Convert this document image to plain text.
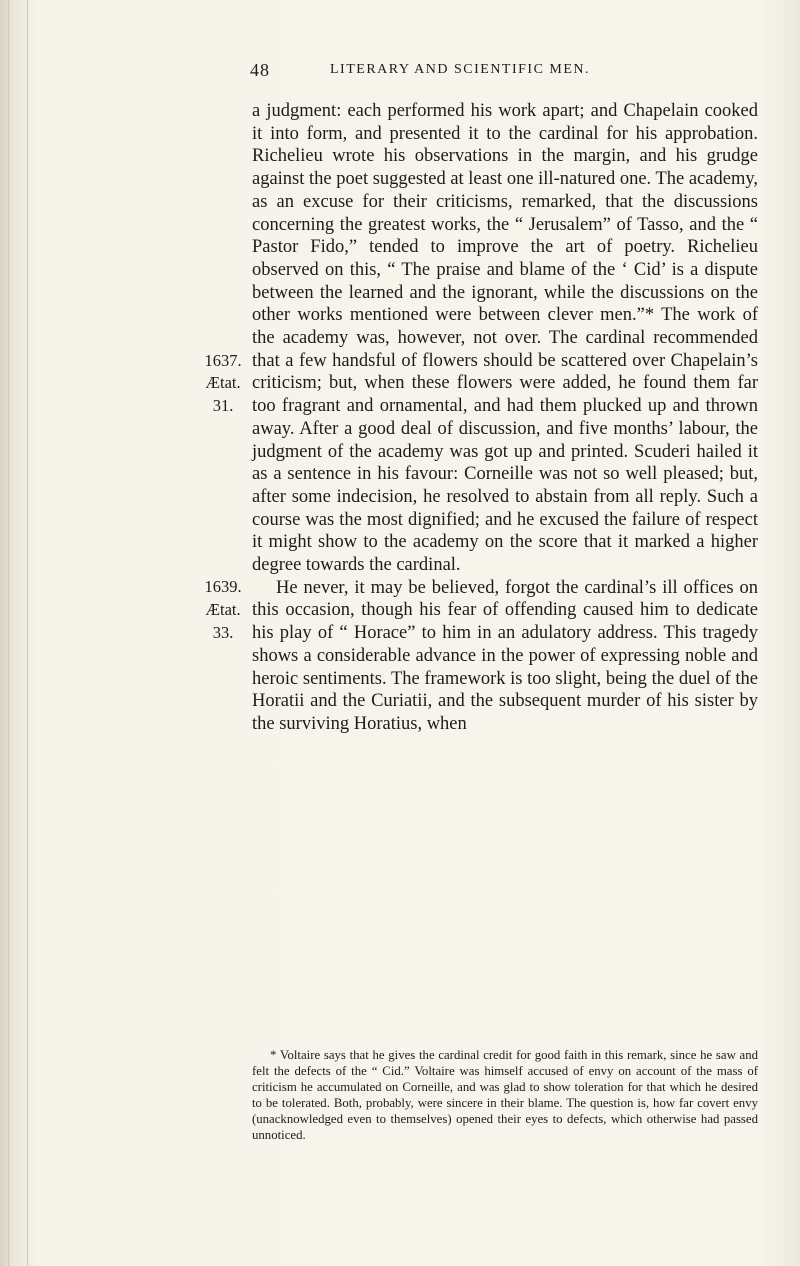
48	LITERARY AND SCIENTIFIC MEN.
1637.
Ætat.
31.
1639.
Ætat.
33.

a judgment: each performed his work apart; and Chapelain cooked it into form, and presented it to the cardinal for his approbation. Richelieu wrote his observations in the margin, and his grudge against the poet suggested at least one ill-natured one. The academy, as an excuse for their criticisms, remarked, that the discussions concerning the greatest works, the “ Jerusalem” of Tasso, and the “ Pastor Fido,” tended to improve the art of poetry. Richelieu observed on this, “ The praise and blame of the ‘ Cid’ is a dispute between the learned and the ignorant, while the discussions on the other works mentioned were between clever men.”* The work of the academy was, however, not over. The cardinal recommended that a few handsful of flowers should be scattered over Chapelain’s criticism; but, when these flowers were added, he found them far too fragrant and ornamental, and had them plucked up and thrown away. After a good deal of discussion, and five months’ labour, the judgment of the academy was got up and printed. Scuderi hailed it as a sentence in his favour: Corneille was not so well pleased; but, after some indecision, he resolved to abstain from all reply. Such a course was the most dignified; and he excused the failure of respect it might show to the academy on the score that it marked a higher degree towards the cardinal.

He never, it may be believed, forgot the cardinal’s ill offices on this occasion, though his fear of offending caused him to dedicate his play of “ Horace” to him in an adulatory address. This tragedy shows a considerable advance in the power of expressing noble and heroic sentiments. The framework is too slight, being the duel of the Horatii and the Curiatii, and the subsequent murder of his sister by the surviving Horatius, when

* Voltaire says that he gives the cardinal credit for good faith in this remark, since he saw and felt the defects of the “ Cid.” Voltaire was himself accused of envy on account of the mass of criticism he accumulated on Corneille, and was glad to show toleration for that which he desired to be tolerated. Both, probably, were sincere in their blame. The question is, how far covert envy (unacknowledged even to themselves) opened their eyes to defects, which otherwise had passed unnoticed.
